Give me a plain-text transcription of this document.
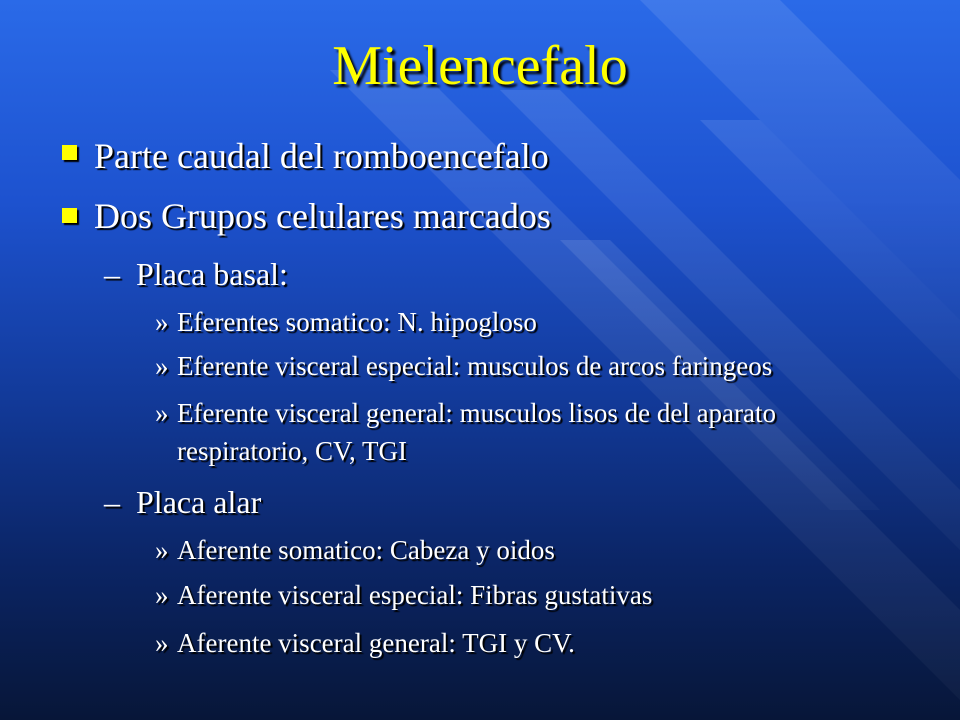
Mielencefalo
Parte caudal del romboencefalo
Dos Grupos celulares marcados
– Placa basal:
» Eferentes somatico: N. hipogloso
» Eferente visceral especial: musculos de arcos faringeos
» Eferente visceral general: musculos lisos de del aparato
respiratorio, CV, TGI
– Placa alar
» Aferente somatico: Cabeza y oidos
» Aferente visceral especial: Fibras gustativas
» Aferente visceral general: TGI y CV.
